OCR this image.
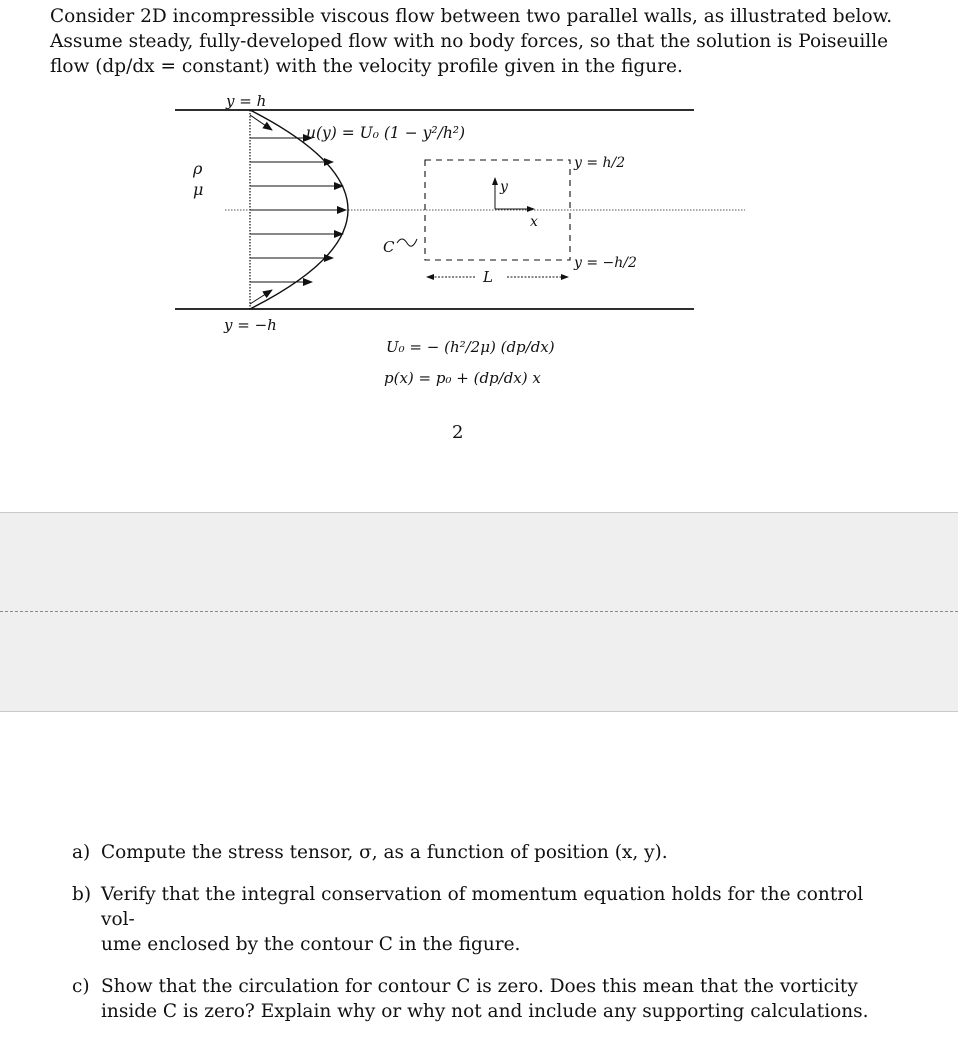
Consider 2D incompressible viscous flow between two parallel walls, as illustrated below.
Assume steady, fully-developed flow with no body forces, so that the solution is Poiseuille
flow (dp/dx = constant) with the velocity profile given in the figure.
y = h
y = −h
ρ
μ
u(y) = U₀ (1 − y²/h²)
y = h/2
y = −h/2
y
x
C
L
U₀ = − (h²/2μ) (dp/dx)
p(x) = p₀ + (dp/dx) x
2
a) Compute the stress tensor, σ, as a function of position (x, y).
b) Verify that the integral conservation of momentum equation holds for the control vol-
ume enclosed by the contour C in the figure.
c) Show that the circulation for contour C is zero. Does this mean that the vorticity
inside C is zero? Explain why or why not and include any supporting calculations.
